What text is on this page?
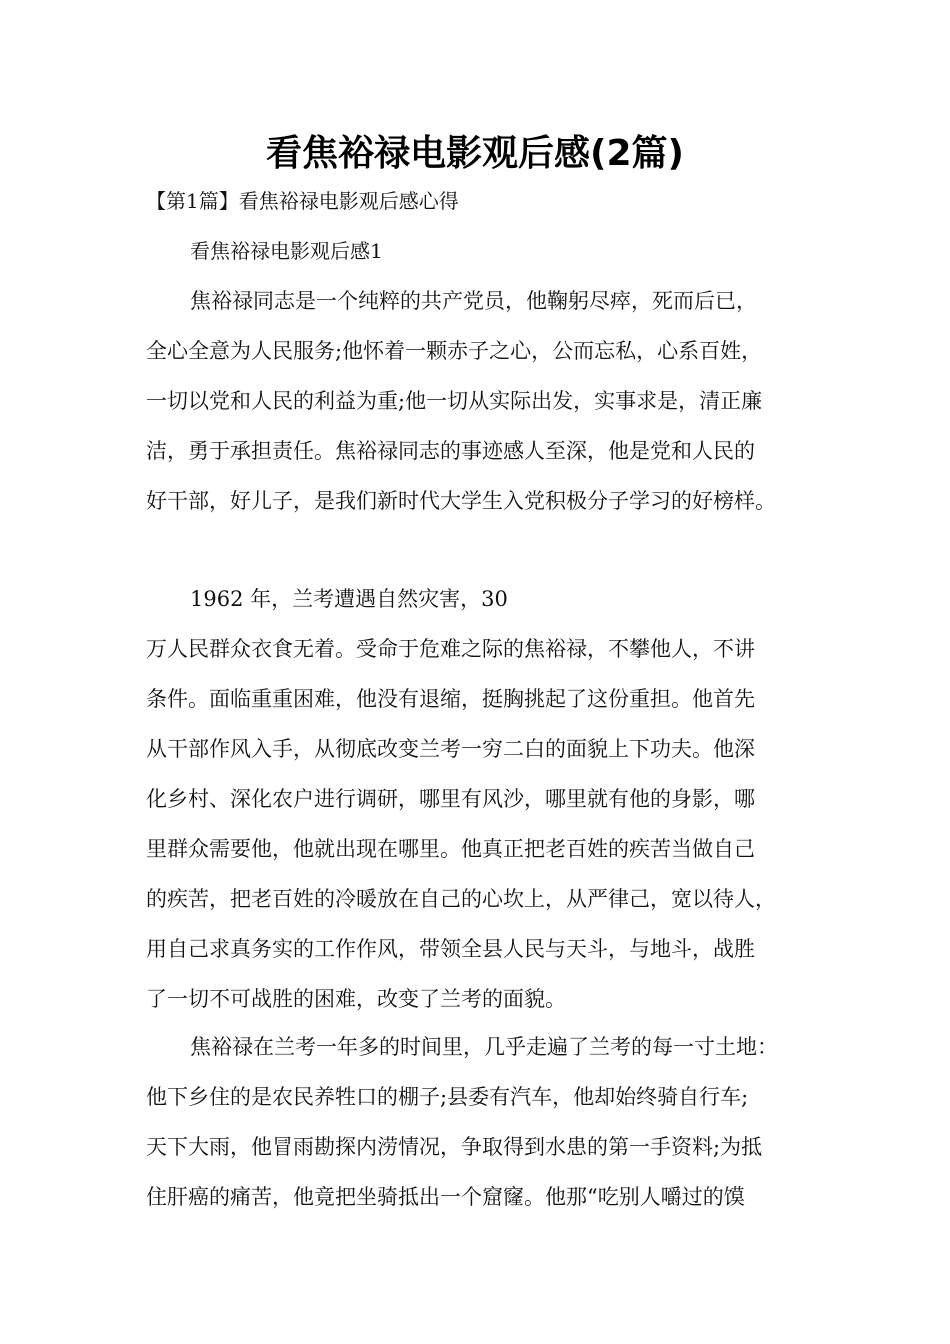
看焦裕禄电影观后感(2篇)
【第1篇】看焦裕禄电影观后感心得
看焦裕禄电影观后感1
焦裕禄同志是一个纯粹的共产党员，他鞠躬尽瘁，死而后已，
全心全意为人民服务;他怀着一颗赤子之心，公而忘私，心系百姓，
一切以党和人民的利益为重;他一切从实际出发，实事求是，清正廉
洁，勇于承担责任。焦裕禄同志的事迹感人至深，他是党和人民的
好干部，好儿子，是我们新时代大学生入党积极分子学习的好榜样。
1962 年，兰考遭遇自然灾害，30
万人民群众衣食无着。受命于危难之际的焦裕禄，不攀他人，不讲
条件。面临重重困难，他没有退缩，挺胸挑起了这份重担。他首先
从干部作风入手，从彻底改变兰考一穷二白的面貌上下功夫。他深
化乡村、深化农户进行调研，哪里有风沙，哪里就有他的身影，哪
里群众需要他，他就出现在哪里。他真正把老百姓的疾苦当做自己
的疾苦，把老百姓的冷暖放在自己的心坎上，从严律己，宽以待人，
用自己求真务实的工作作风，带领全县人民与天斗，与地斗，战胜
了一切不可战胜的困难，改变了兰考的面貌。
焦裕禄在兰考一年多的时间里，几乎走遍了兰考的每一寸土地：
他下乡住的是农民养牲口的棚子;县委有汽车，他却始终骑自行车;
天下大雨，他冒雨勘探内涝情况，争取得到水患的第一手资料;为抵
住肝癌的痛苦，他竟把坐骑抵出一个窟窿。他那“吃别人嚼过的馍
